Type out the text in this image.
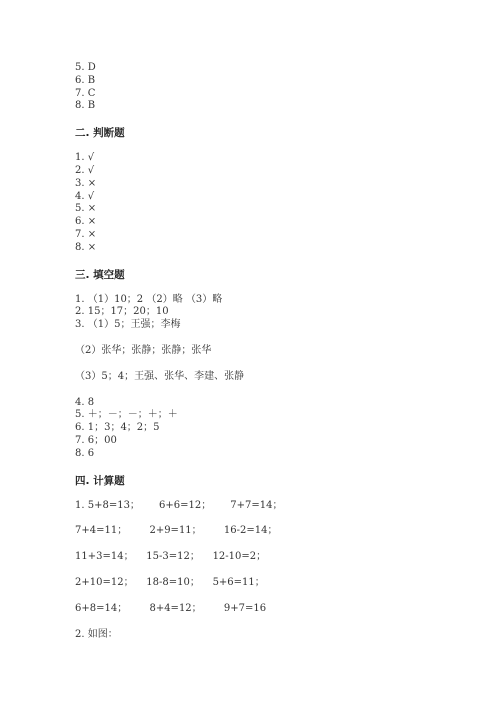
5. D
6. B
7. C
8. B
二. 判断题
1. √
2. √
3. ×
4. √
5. ×
6. ×
7. ×
8. ×
三. 填空题
1. （1）10；2 （2）略 （3）略
2. 15；17；20；10
3. （1）5；王强；李梅
（2）张华；张静；张静；张华
（3）5；4；王强、张华、李建、张静
4. 8
5. ＋；－；－；＋；＋
6. 1；3；4；2；5
7. 6；00
8. 6
四. 计算题
1. 5+8=13；      6+6=12；      7+7=14；
7+4=11；       2+9=11；       16-2=14；
11+3=14；    15-3=12；    12-10=2；
2+10=12；    18-8=10；    5+6=11；
6+8=14；       8+4=12；       9+7=16
2. 如图：
